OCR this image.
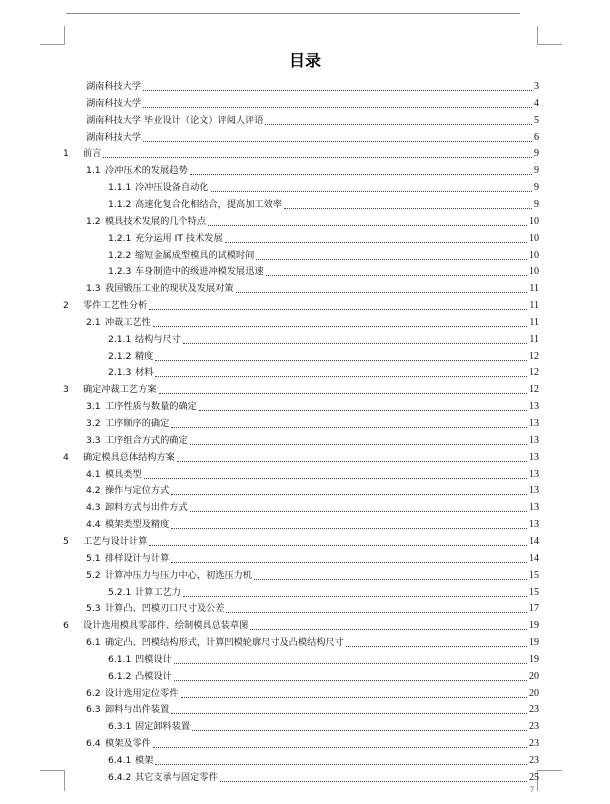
目录
湖南科技大学	3
湖南科技大学	4
湖南科技大学 毕业设计（论文）评阅人评语	5
湖南科技大学	6
1	前言	9
1.1 冷冲压术的发展趋势	9
1.1.1 冷冲压设备自动化	9
1.1.2 高速化复合化相结合，提高加工效率	9
1.2 模具技术发展的几个特点	10
1.2.1 充分运用 IT 技术发展	10
1.2.2 缩短金属成型模具的试模时间	10
1.2.3 车身制造中的级进冲模发展迅速	10
1.3 我国锻压工业的现状及发展对策	11
2	零件工艺性分析	11
2.1 冲裁工艺性	11
2.1.1 结构与尺寸	11
2.1.2 精度	12
2.1.3 材料	12
3	确定冲裁工艺方案	12
3.1 工序性质与数量的确定	13
3.2 工序顺序的确定	13
3.3 工序组合方式的确定	13
4	确定模具总体结构方案	13
4.1 模具类型	13
4.2 操作与定位方式	13
4.3 卸料方式与出件方式	13
4.4 模架类型及精度	13
5	工艺与设计计算	14
5.1 排样设计与计算	14
5.2 计算冲压力与压力中心，初选压力机	15
5.2.1 计算工艺力	15
5.3 计算凸、凹模刃口尺寸及公差	17
6	设计选用模具零部件、绘制模具总装草图	19
6.1 确定凸、凹模结构形式，计算凹模轮廓尺寸及凸模结构尺寸	19
6.1.1 凹模设计	19
6.1.2 凸模设计	20
6.2 设计选用定位零件	20
6.3 卸料与出件装置	23
6.3.1 固定卸料装置	23
6.4 模架及零件	23
6.4.1 模架	23
6.4.2 其它支承与固定零件	25
7
